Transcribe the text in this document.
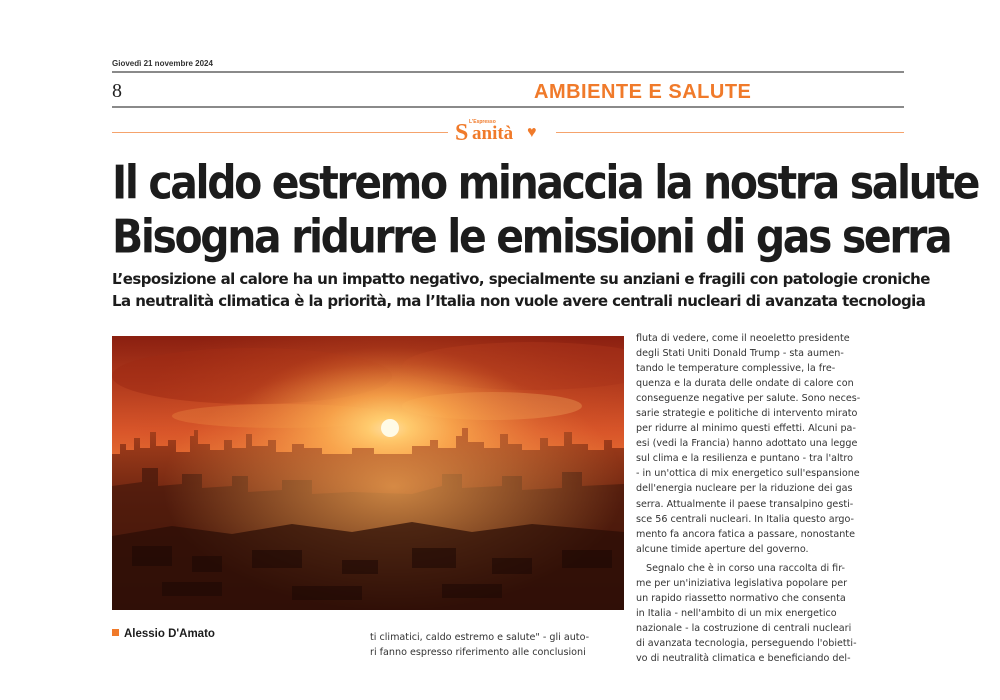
Giovedì 21 novembre 2024
8	AMBIENTE E SALUTE
L'Espresso
S anità ♥
Il caldo estremo minaccia la nostra salute
Bisogna ridurre le emissioni di gas serra
L’esposizione al calore ha un impatto negativo, specialmente su anziani e fragili con patologie croniche
La neutralità climatica è la priorità, ma l’Italia non vuole avere centrali nucleari di avanzata tecnologia
fluta di vedere, come il neoeletto presidente
degli Stati Uniti Donald Trump - sta aumen-
tando le temperature complessive, la fre-
quenza e la durata delle ondate di calore con
conseguenze negative per salute. Sono neces-
sarie strategie e politiche di intervento mirato
per ridurre al minimo questi effetti. Alcuni pa-
esi (vedi la Francia) hanno adottato una legge
sul clima e la resilienza e puntano - tra l'altro
- in un'ottica di mix energetico sull'espansione
dell'energia nucleare per la riduzione dei gas
serra. Attualmente il paese transalpino gesti-
sce 56 centrali nucleari. In Italia questo argo-
mento fa ancora fatica a passare, nonostante
alcune timide aperture del governo.
Segnalo che è in corso una raccolta di fir-
me per un'iniziativa legislativa popolare per
un rapido riassetto normativo che consenta
in Italia - nell'ambito di un mix energetico
nazionale - la costruzione di centrali nucleari
di avanzata tecnologia, perseguendo l'obietti-
vo di neutralità climatica e beneficiando del-
Alessio D'Amato	ti climatici, caldo estremo e salute" - gli auto-
ri fanno espresso riferimento alle conclusioni
